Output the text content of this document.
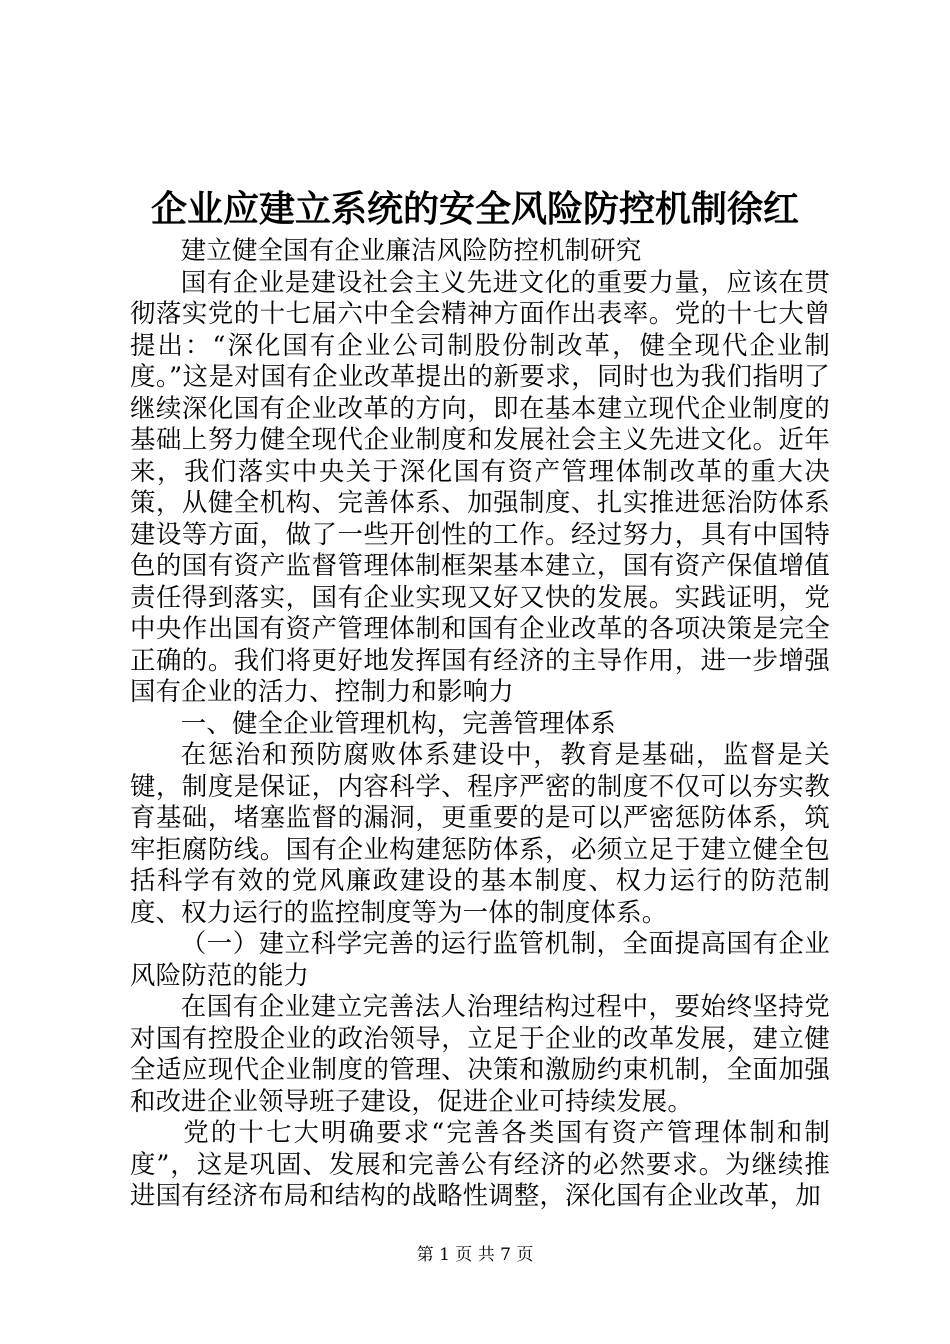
企业应建立系统的安全风险防控机制徐红

建立健全国有企业廉洁风险防控机制研究

国有企业是建设社会主义先进文化的重要力量，应该在贯彻落实党的十七届六中全会精神方面作出表率。党的十七大曾提出：“深化国有企业公司制股份制改革，健全现代企业制度。”这是对国有企业改革提出的新要求，同时也为我们指明了继续深化国有企业改革的方向，即在基本建立现代企业制度的基础上努力健全现代企业制度和发展社会主义先进文化。近年来，我们落实中央关于深化国有资产管理体制改革的重大决策，从健全机构、完善体系、加强制度、扎实推进惩治防体系建设等方面，做了一些开创性的工作。经过努力，具有中国特色的国有资产监督管理体制框架基本建立，国有资产保值增值责任得到落实，国有企业实现又好又快的发展。实践证明，党中央作出国有资产管理体制和国有企业改革的各项决策是完全正确的。我们将更好地发挥国有经济的主导作用，进一步增强国有企业的活力、控制力和影响力

一、健全企业管理机构，完善管理体系

在惩治和预防腐败体系建设中，教育是基础，监督是关键，制度是保证，内容科学、程序严密的制度不仅可以夯实教育基础，堵塞监督的漏洞，更重要的是可以严密惩防体系，筑牢拒腐防线。国有企业构建惩防体系，必须立足于建立健全包括科学有效的党风廉政建设的基本制度、权力运行的防范制度、权力运行的监控制度等为一体的制度体系。

（一）建立科学完善的运行监管机制，全面提高国有企业风险防范的能力

在国有企业建立完善法人治理结构过程中，要始终坚持党对国有控股企业的政治领导，立足于企业的改革发展，建立健全适应现代企业制度的管理、决策和激励约束机制，全面加强和改进企业领导班子建设，促进企业可持续发展。

党的十七大明确要求“完善各类国有资产管理体制和制度”，这是巩固、发展和完善公有经济的必然要求。为继续推进国有经济布局和结构的战略性调整，深化国有企业改革，加

第 1 页 共 7 页
